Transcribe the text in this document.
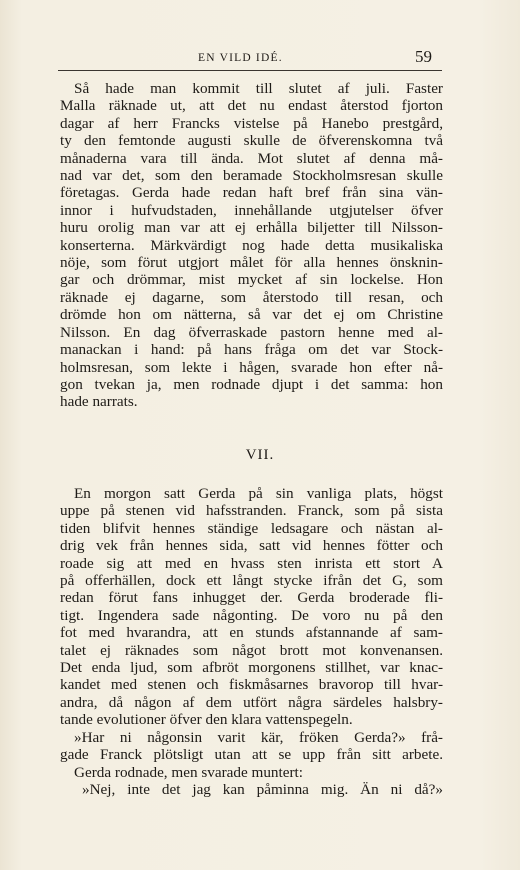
EN VILD IDÉ.	59
Så hade man kommit till slutet af juli. Faster
Malla räknade ut, att det nu endast återstod fjorton
dagar af herr Francks vistelse på Hanebo prestgård,
ty den femtonde augusti skulle de öfverenskomna två
månaderna vara till ända. Mot slutet af denna må-
nad var det, som den beramade Stockholmsresan skulle
företagas. Gerda hade redan haft bref från sina vän-
innor i hufvudstaden, innehållande utgjutelser öfver
huru orolig man var att ej erhålla biljetter till Nilsson-
konserterna. Märkvärdigt nog hade detta musikaliska
nöje, som förut utgjort målet för alla hennes önsknin-
gar och drömmar, mist mycket af sin lockelse. Hon
räknade ej dagarne, som återstodo till resan, och
drömde hon om nätterna, så var det ej om Christine
Nilsson. En dag öfverraskade pastorn henne med al-
manackan i hand: på hans fråga om det var Stock-
holmsresan, som lekte i hågen, svarade hon efter nå-
gon tvekan ja, men rodnade djupt i det samma: hon
hade narrats.
VII.
En morgon satt Gerda på sin vanliga plats, högst
uppe på stenen vid hafsstranden. Franck, som på sista
tiden blifvit hennes ständige ledsagare och nästan al-
drig vek från hennes sida, satt vid hennes fötter och
roade sig att med en hvass sten inrista ett stort A
på offerhällen, dock ett långt stycke ifrån det G, som
redan förut fans inhugget der. Gerda broderade fli-
tigt. Ingendera sade någonting. De voro nu på den
fot med hvarandra, att en stunds afstannande af sam-
talet ej räknades som något brott mot konvenansen.
Det enda ljud, som afbröt morgonens stillhet, var knac-
kandet med stenen och fiskmåsarnes bravorop till hvar-
andra, då någon af dem utfört några särdeles halsbry-
tande evolutioner öfver den klara vattenspegeln.
»Har ni någonsin varit kär, fröken Gerda?» frå-
gade Franck plötsligt utan att se upp från sitt arbete.
Gerda rodnade, men svarade muntert:
»Nej, inte det jag kan påminna mig. Än ni då?»
